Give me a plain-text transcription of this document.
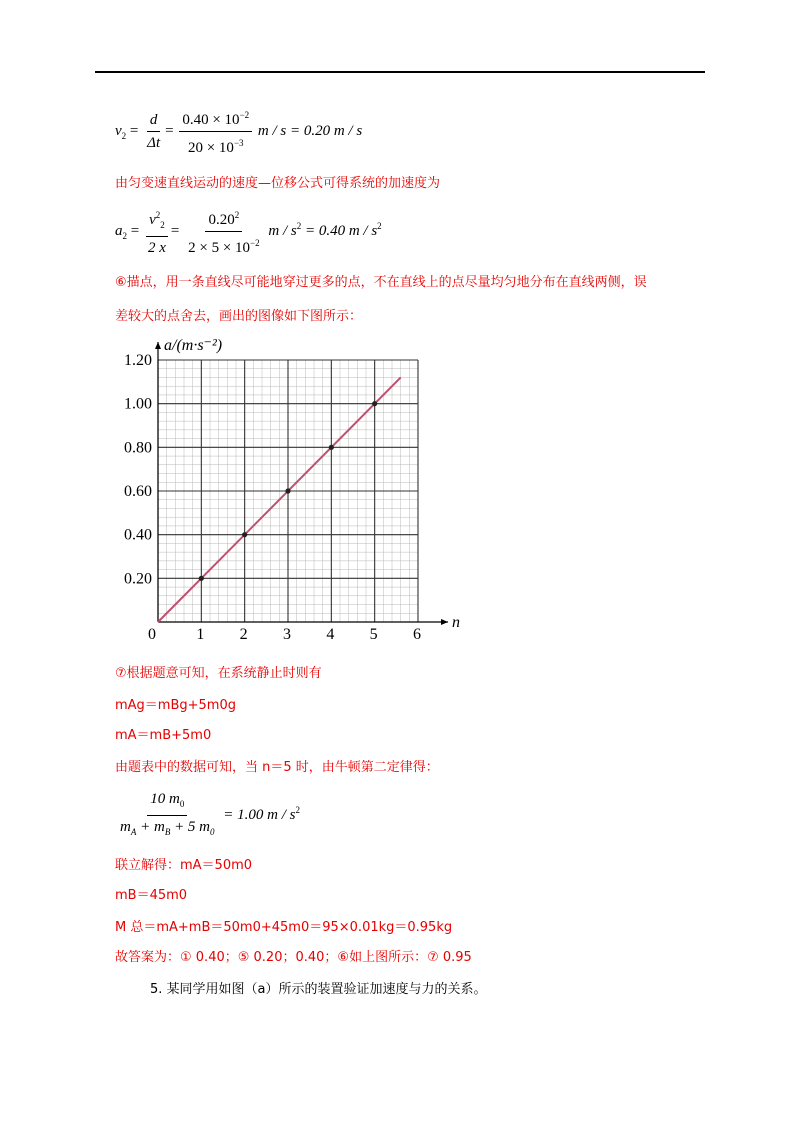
$v_2 = \frac{d}{\Delta t} = \frac{0.40 \times 10^{-2}}{20 \times 10^{-3}}$ m / s = 0.20 m / s
由匀变速直线运动的速度—位移公式可得系统的加速度为
$a_2 = \frac{v^2_2}{2 x} = \frac{0.20^2}{2 \times 5 \times 10^{-2}}$ $m / s^2 = 0.40$ m / $s^2$
⑥描点，用一条直线尽可能地穿过更多的点，不在直线上的点尽量均匀地分布在直线两侧，误
差较大的点舍去，画出的图像如下图所示：
a/(m·s⁻²)
n
0	1 2 3 4 5 6
0.20
0.40
0.60
0.80
1.00
1.20
⑦根据题意可知，在系统静止时则有
mAg＝mBg+5m0g
mA＝mB+5m0
由题表中的数据可知，当 n＝5 时，由牛顿第二定律得：
$\frac{10 m_0}{m_A + m_B + 5 m_0} = 1.00$ m / $s^2$
联立解得：mA＝50m0
mB＝45m0
M 总＝mA+mB＝50m0+45m0＝95×0.01kg＝0.95kg
故答案为：① 0.40；⑤ 0.20；0.40；⑥如上图所示：⑦ 0.95
5. 某同学用如图（a）所示的装置验证加速度与力的关系。
